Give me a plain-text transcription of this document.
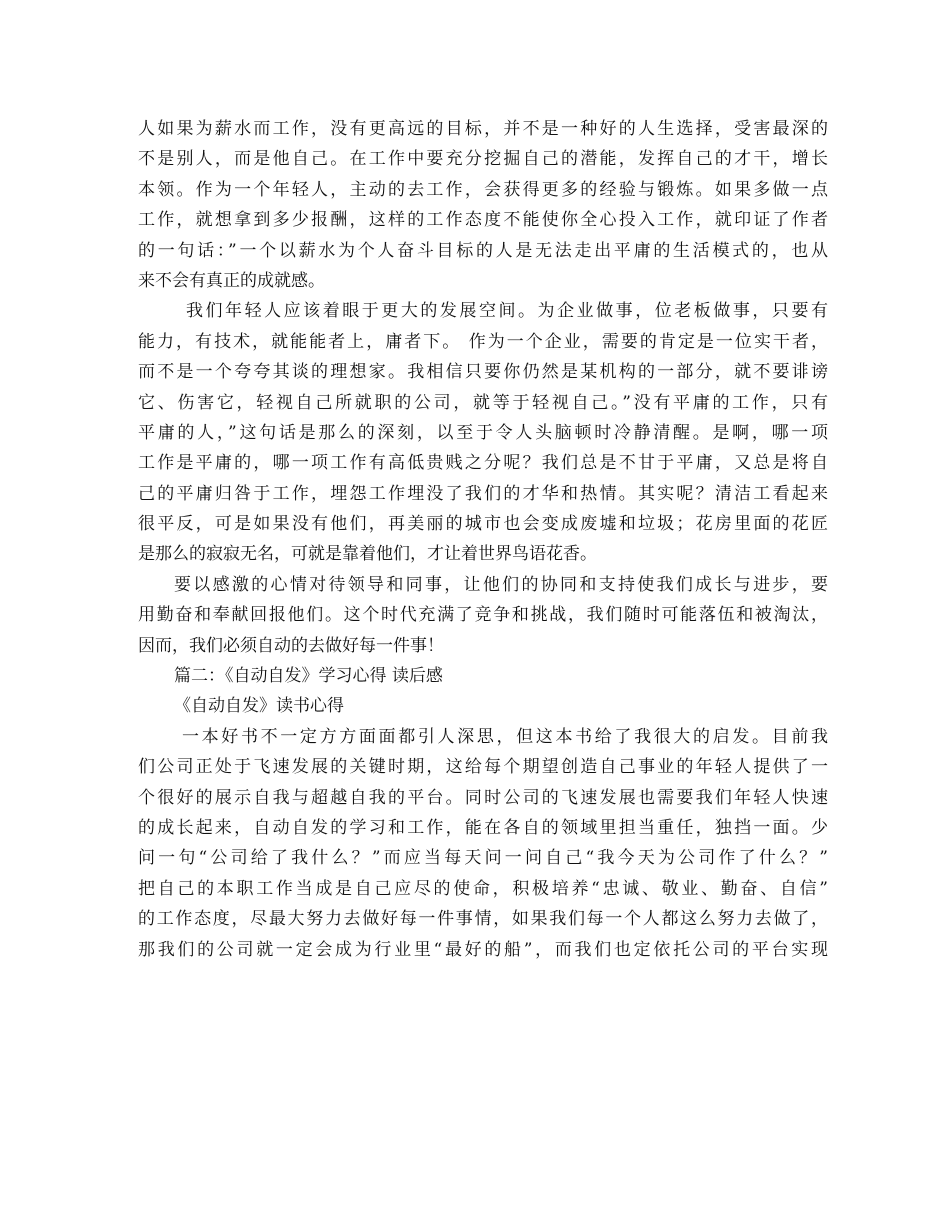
人如果为薪水而工作，没有更高远的目标，并不是一种好的人生选择，受害最深的
不是别人，而是他自己。在工作中要充分挖掘自己的潜能，发挥自己的才干，增长
本领。作为一个年轻人，主动的去工作，会获得更多的经验与锻炼。如果多做一点
工作，就想拿到多少报酬，这样的工作态度不能使你全心投入工作，就印证了作者
的一句话：”一个以薪水为个人奋斗目标的人是无法走出平庸的生活模式的，也从
来不会有真正的成就感。
我们年轻人应该着眼于更大的发展空间。为企业做事，位老板做事，只要有
能力，有技术，就能能者上，庸者下。 作为一个企业，需要的肯定是一位实干者，
而不是一个夸夸其谈的理想家。我相信只要你仍然是某机构的一部分，就不要诽谤
它、伤害它，轻视自己所就职的公司，就等于轻视自己。”没有平庸的工作，只有
平庸的人，”这句话是那么的深刻，以至于令人头脑顿时冷静清醒。是啊，哪一项
工作是平庸的，哪一项工作有高低贵贱之分呢？我们总是不甘于平庸，又总是将自
己的平庸归咎于工作，埋怨工作埋没了我们的才华和热情。其实呢？清洁工看起来
很平反，可是如果没有他们，再美丽的城市也会变成废墟和垃圾；花房里面的花匠
是那么的寂寂无名，可就是靠着他们，才让着世界鸟语花香。
要以感激的心情对待领导和同事，让他们的协同和支持使我们成长与进步，要
用勤奋和奉献回报他们。这个时代充满了竞争和挑战，我们随时可能落伍和被淘汰，
因而，我们必须自动的去做好每一件事！
篇二：《自动自发》学习心得 读后感
《自动自发》读书心得
一本好书不一定方方面面都引人深思，但这本书给了我很大的启发。目前我
们公司正处于飞速发展的关键时期，这给每个期望创造自己事业的年轻人提供了一
个很好的展示自我与超越自我的平台。同时公司的飞速发展也需要我们年轻人快速
的成长起来，自动自发的学习和工作，能在各自的领域里担当重任，独挡一面。少
问一句“公司给了我什么？”而应当每天问一问自己“我今天为公司作了什么？”
把自己的本职工作当成是自己应尽的使命，积极培养“忠诚、敬业、勤奋、自信”
的工作态度，尽最大努力去做好每一件事情，如果我们每一个人都这么努力去做了，
那我们的公司就一定会成为行业里“最好的船”，而我们也定依托公司的平台实现
